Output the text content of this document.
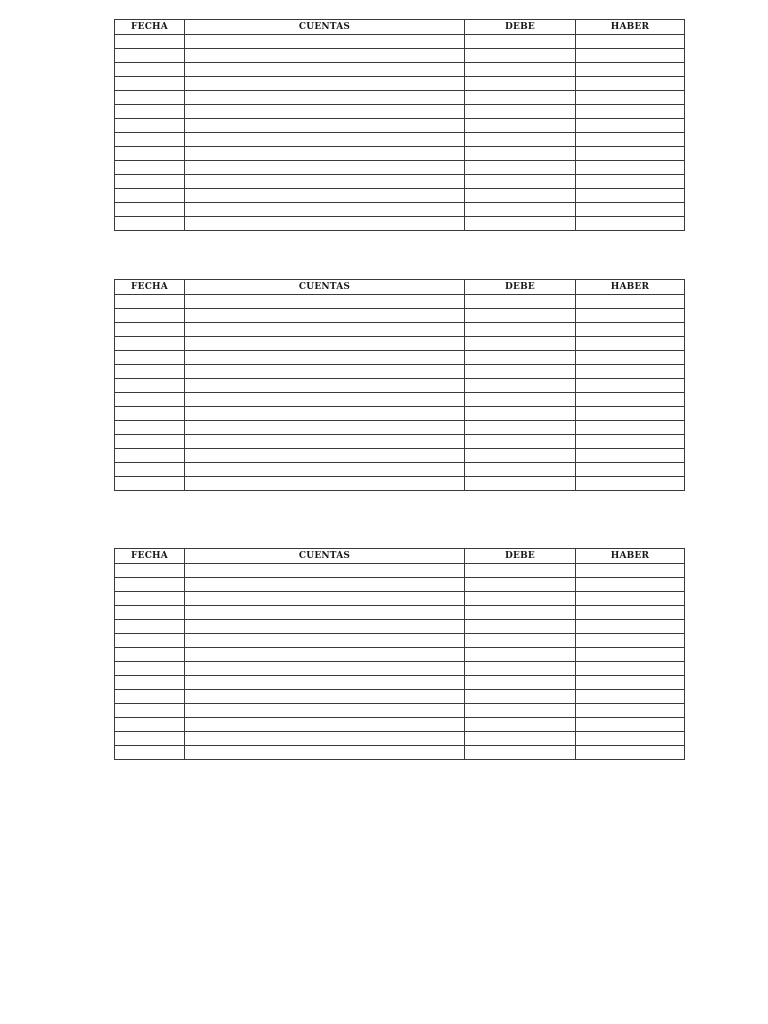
FECHA	CUENTAS	DEBE	HABER

FECHA	CUENTAS	DEBE	HABER

FECHA	CUENTAS	DEBE	HABER
